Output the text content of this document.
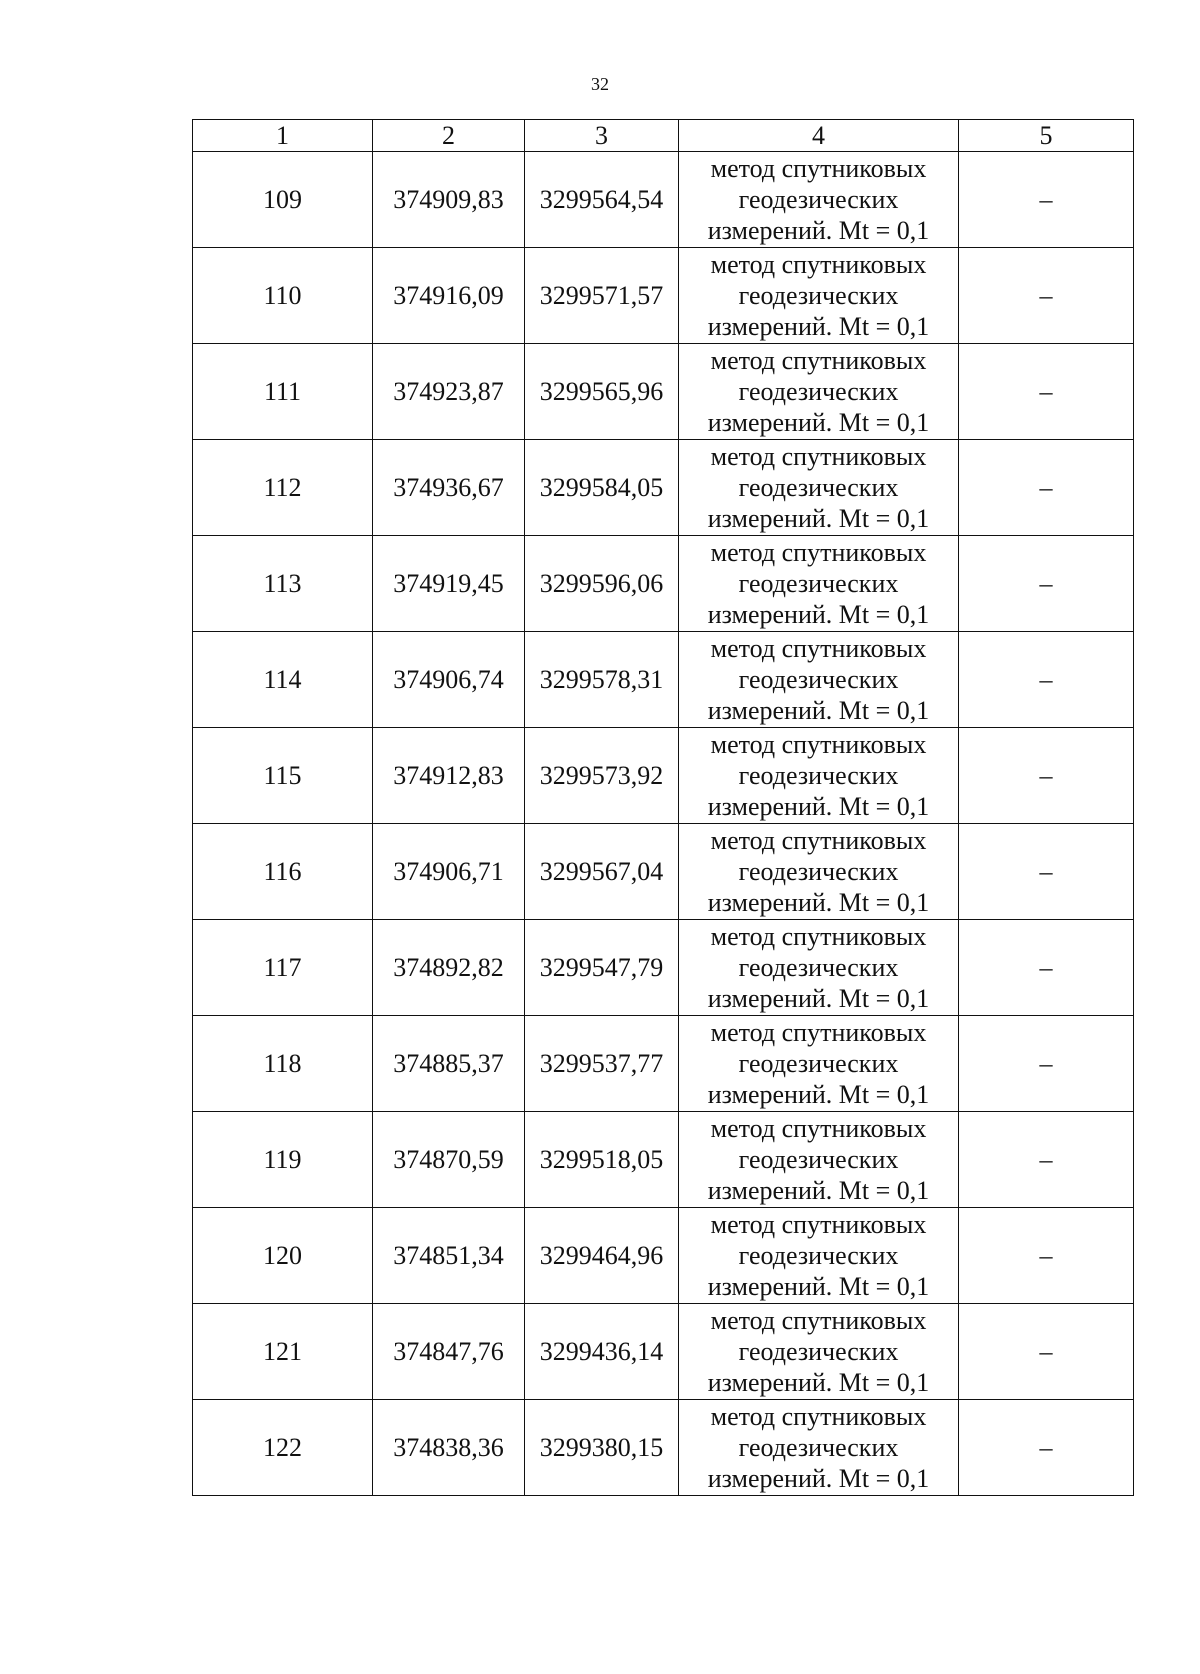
32
1	2	3	4	5
109	374909,83	3299564,54	метод спутниковых
геодезических
измерений. Mt = 0,1	–
110	374916,09	3299571,57	метод спутниковых
геодезических
измерений. Mt = 0,1	–
111	374923,87	3299565,96	метод спутниковых
геодезических
измерений. Mt = 0,1	–
112	374936,67	3299584,05	метод спутниковых
геодезических
измерений. Mt = 0,1	–
113	374919,45	3299596,06	метод спутниковых
геодезических
измерений. Mt = 0,1	–
114	374906,74	3299578,31	метод спутниковых
геодезических
измерений. Mt = 0,1	–
115	374912,83	3299573,92	метод спутниковых
геодезических
измерений. Mt = 0,1	–
116	374906,71	3299567,04	метод спутниковых
геодезических
измерений. Mt = 0,1	–
117	374892,82	3299547,79	метод спутниковых
геодезических
измерений. Mt = 0,1	–
118	374885,37	3299537,77	метод спутниковых
геодезических
измерений. Mt = 0,1	–
119	374870,59	3299518,05	метод спутниковых
геодезических
измерений. Mt = 0,1	–
120	374851,34	3299464,96	метод спутниковых
геодезических
измерений. Mt = 0,1	–
121	374847,76	3299436,14	метод спутниковых
геодезических
измерений. Mt = 0,1	–
122	374838,36	3299380,15	метод спутниковых
геодезических
измерений. Mt = 0,1	–
